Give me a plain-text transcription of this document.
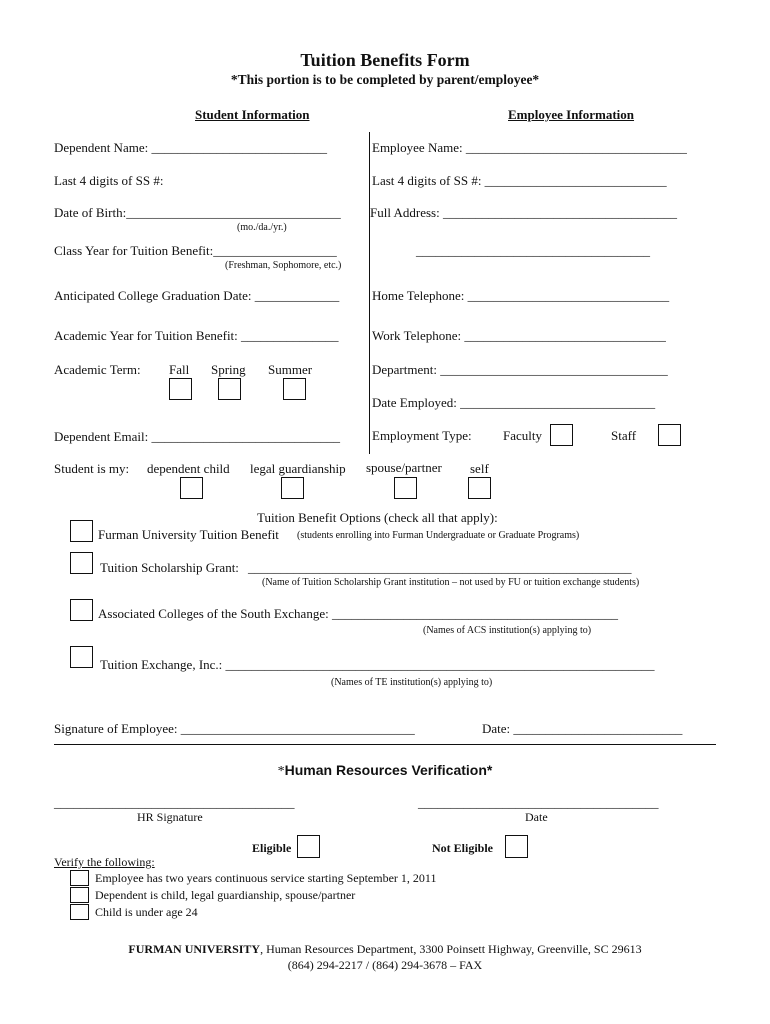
Tuition Benefits Form
*This portion is to be completed by parent/employee*
Student Information	Employee Information
Dependent Name: ___________________________
Last 4 digits of SS #:
Date of Birth:_________________________________
(mo./da./yr.)
Class Year for Tuition Benefit:___________________
(Freshman, Sophomore, etc.)
Anticipated College Graduation Date: _____________
Academic Year for Tuition Benefit: _______________
Academic Term: Fall Spring Summer
Dependent Email: _____________________________
Employee Name: __________________________________
Last 4 digits of SS #: ____________________________
Full Address: ____________________________________
____________________________________
Home Telephone: _______________________________
Work Telephone: _______________________________
Department: ___________________________________
Date Employed: ______________________________
Employment Type: Faculty	Staff
Student is my: dependent child legal guardianship spouse/partner self
Tuition Benefit Options (check all that apply):
Furman University Tuition Benefit (students enrolling into Furman Undergraduate or Graduate Programs)
Tuition Scholarship Grant: ___________________________________________________________
(Name of Tuition Scholarship Grant institution – not used by FU or tuition exchange students)
Associated Colleges of the South Exchange: ____________________________________________
(Names of ACS institution(s) applying to)
Tuition Exchange, Inc.: __________________________________________________________________
(Names of TE institution(s) applying to)
Signature of Employee: ____________________________________	Date: __________________________
*Human Resources Verification*
_____________________________________
HR Signature
_____________________________________
Date
Eligible	Not Eligible
Verify the following:
Employee has two years continuous service starting September 1, 2011
Dependent is child, legal guardianship, spouse/partner
Child is under age 24
FURMAN UNIVERSITY, Human Resources Department, 3300 Poinsett Highway, Greenville, SC 29613
(864) 294-2217 / (864) 294-3678 – FAX
